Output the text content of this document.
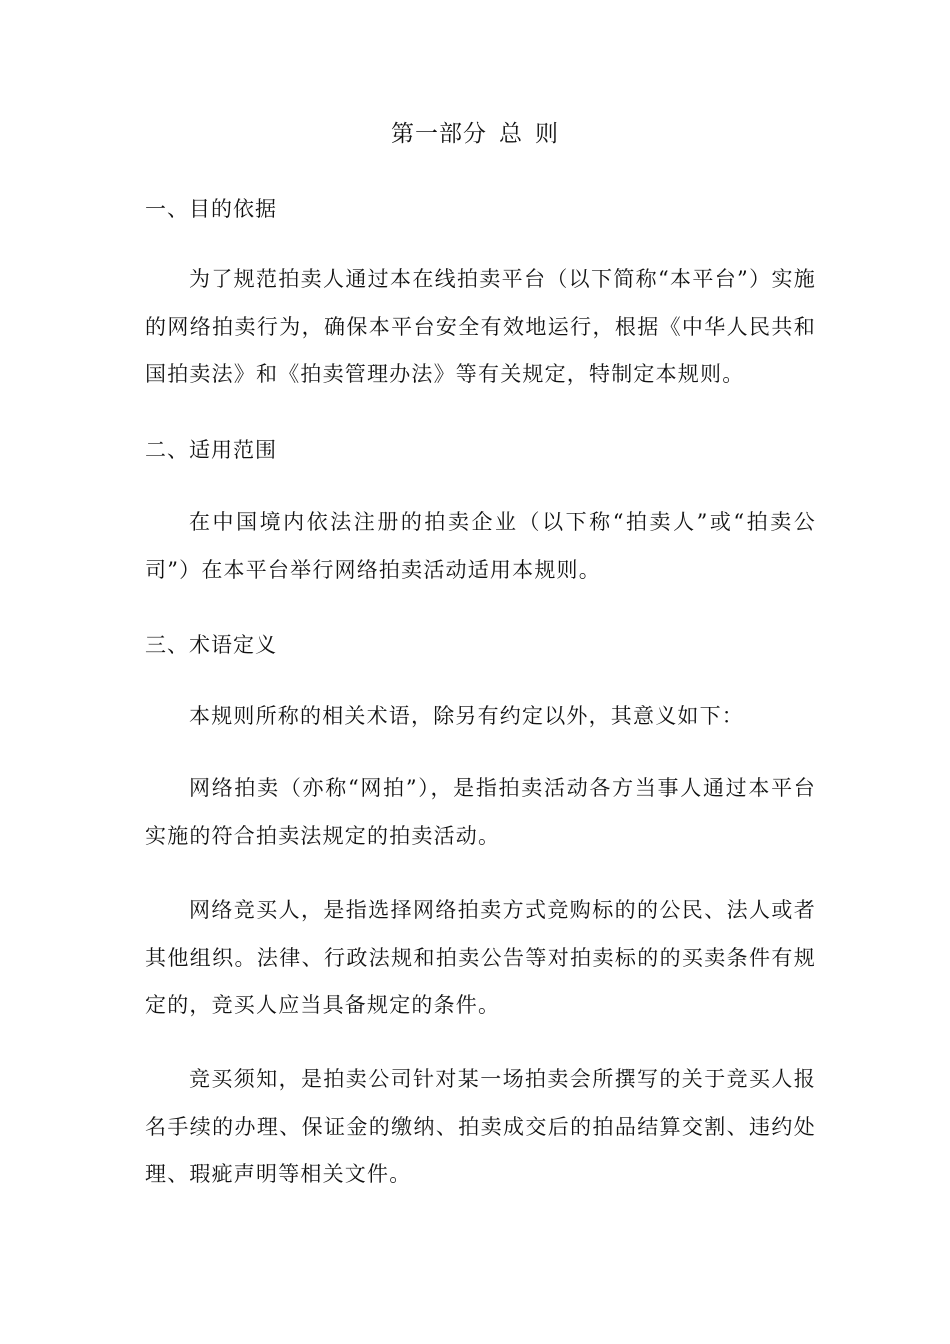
第一部分 总 则
一、目的依据
为了规范拍卖人通过本在线拍卖平台（以下简称“本平台”）实施的网络拍卖行为，确保本平台安全有效地运行，根据《中华人民共和国拍卖法》和《拍卖管理办法》等有关规定，特制定本规则。
二、适用范围
在中国境内依法注册的拍卖企业（以下称“拍卖人”或“拍卖公司”）在本平台举行网络拍卖活动适用本规则。
三、术语定义
本规则所称的相关术语，除另有约定以外，其意义如下：
网络拍卖（亦称“网拍”），是指拍卖活动各方当事人通过本平台实施的符合拍卖法规定的拍卖活动。
网络竞买人，是指选择网络拍卖方式竞购标的的公民、法人或者其他组织。法律、行政法规和拍卖公告等对拍卖标的的买卖条件有规定的，竞买人应当具备规定的条件。
竞买须知，是拍卖公司针对某一场拍卖会所撰写的关于竞买人报名手续的办理、保证金的缴纳、拍卖成交后的拍品结算交割、违约处理、瑕疵声明等相关文件。
